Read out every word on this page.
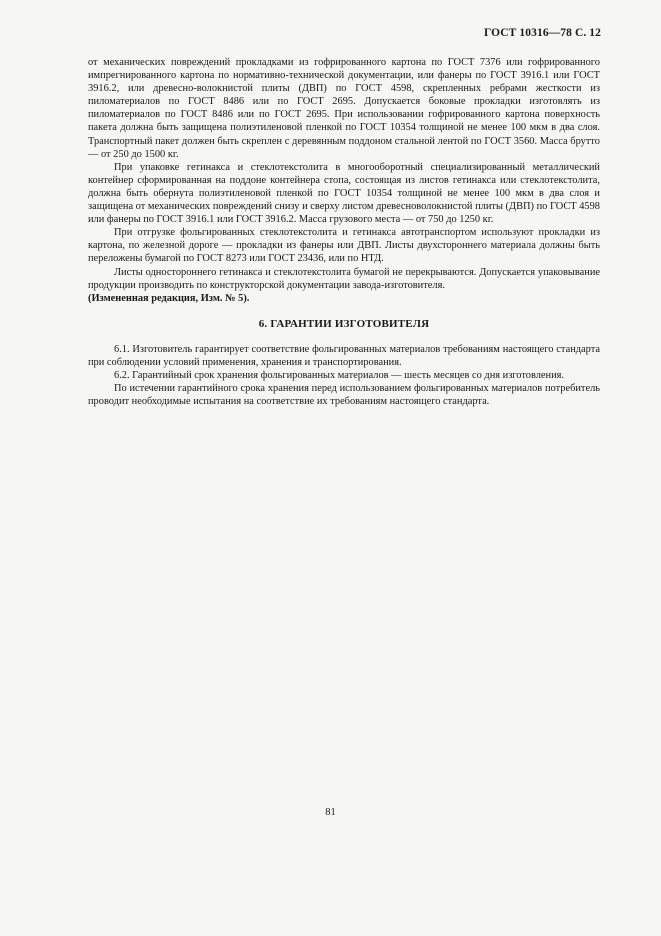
ГОСТ 10316—78 С. 12

от механических повреждений прокладками из гофрированного картона по ГОСТ 7376 или гофрированного импрегнированного картона по нормативно-технической документации, или фанеры по ГОСТ 3916.1 или ГОСТ 3916.2, или древесно-волокнистой плиты (ДВП) по ГОСТ 4598, скрепленных ребрами жесткости из пиломатериалов по ГОСТ 8486 или по ГОСТ 2695. Допускается боковые прокладки изготовлять из пиломатериалов по ГОСТ 8486 или по ГОСТ 2695. При использовании гофрированного картона поверхность пакета должна быть защищена полиэтиленовой пленкой по ГОСТ 10354 толщиной не менее 100 мкм в два слоя. Транспортный пакет должен быть скреплен с деревянным поддоном стальной лентой по ГОСТ 3560. Масса брутто — от 250 до 1500 кг.

При упаковке гетинакса и стеклотекстолита в многооборотный специализированный металлический контейнер сформированная на поддоне контейнера стопа, состоящая из листов гетинакса или стеклотекстолита, должна быть обернута полиэтиленовой пленкой по ГОСТ 10354 толщиной не менее 100 мкм в два слоя и защищена от механических повреждений снизу и сверху листом древесноволокнистой плиты (ДВП) по ГОСТ 4598 или фанеры по ГОСТ 3916.1 или ГОСТ 3916.2. Масса грузового места — от 750 до 1250 кг.

При отгрузке фольгированных стеклотекстолита и гетинакса автотранспортом используют прокладки из картона, по железной дороге — прокладки из фанеры или ДВП. Листы двухстороннего материала должны быть переложены бумагой по ГОСТ 8273 или ГОСТ 23436, или по НТД.

Листы одностороннего гетинакса и стеклотекстолита бумагой не перекрываются. Допускается упаковывание продукции производить по конструкторской документации завода-изготовителя.

(Измененная редакция, Изм. № 5).

6. ГАРАНТИИ ИЗГОТОВИТЕЛЯ

6.1. Изготовитель гарантирует соответствие фольгированных материалов требованиям настоящего стандарта при соблюдении условий применения, хранения и транспортирования.

6.2. Гарантийный срок хранения фольгированных материалов — шесть месяцев со дня изготовления.

По истечении гарантийного срока хранения перед использованием фольгированных материалов потребитель проводит необходимые испытания на соответствие их требованиям настоящего стандарта.

81
